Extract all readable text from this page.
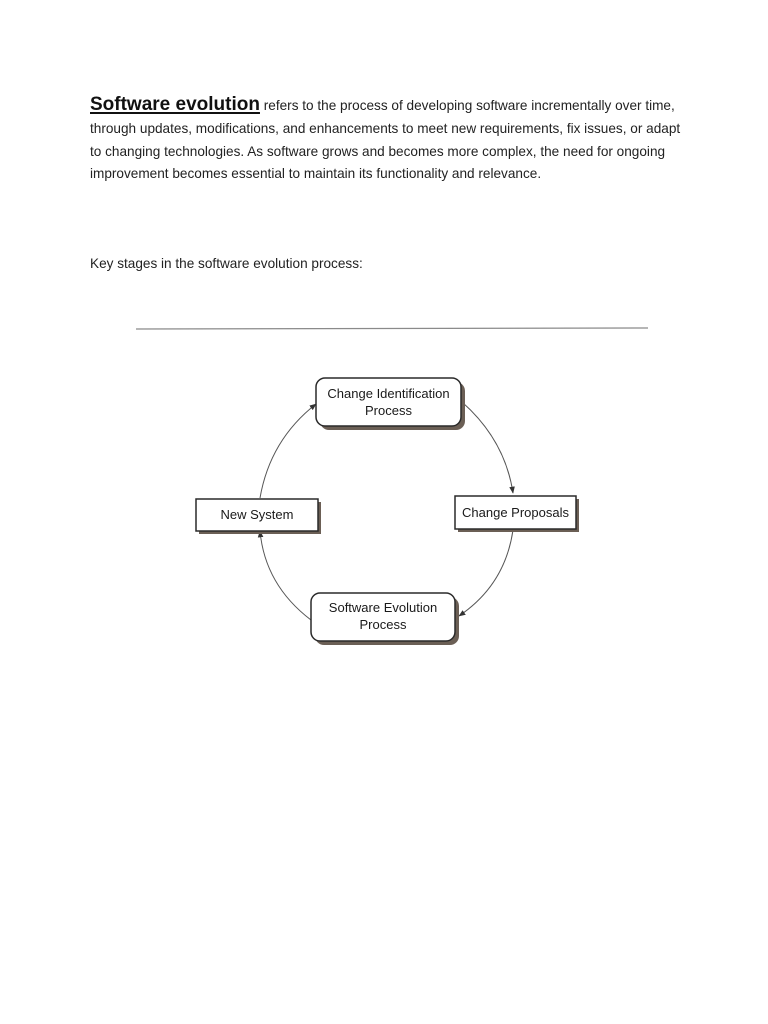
Software evolution refers to the process of developing software incrementally over time, through updates, modifications, and enhancements to meet new requirements, fix issues, or adapt to changing technologies. As software grows and becomes more complex, the need for ongoing improvement becomes essential to maintain its functionality and relevance.

Key stages in the software evolution process:
Change Identification
Process
Change Proposals
Software Evolution
Process
New System
